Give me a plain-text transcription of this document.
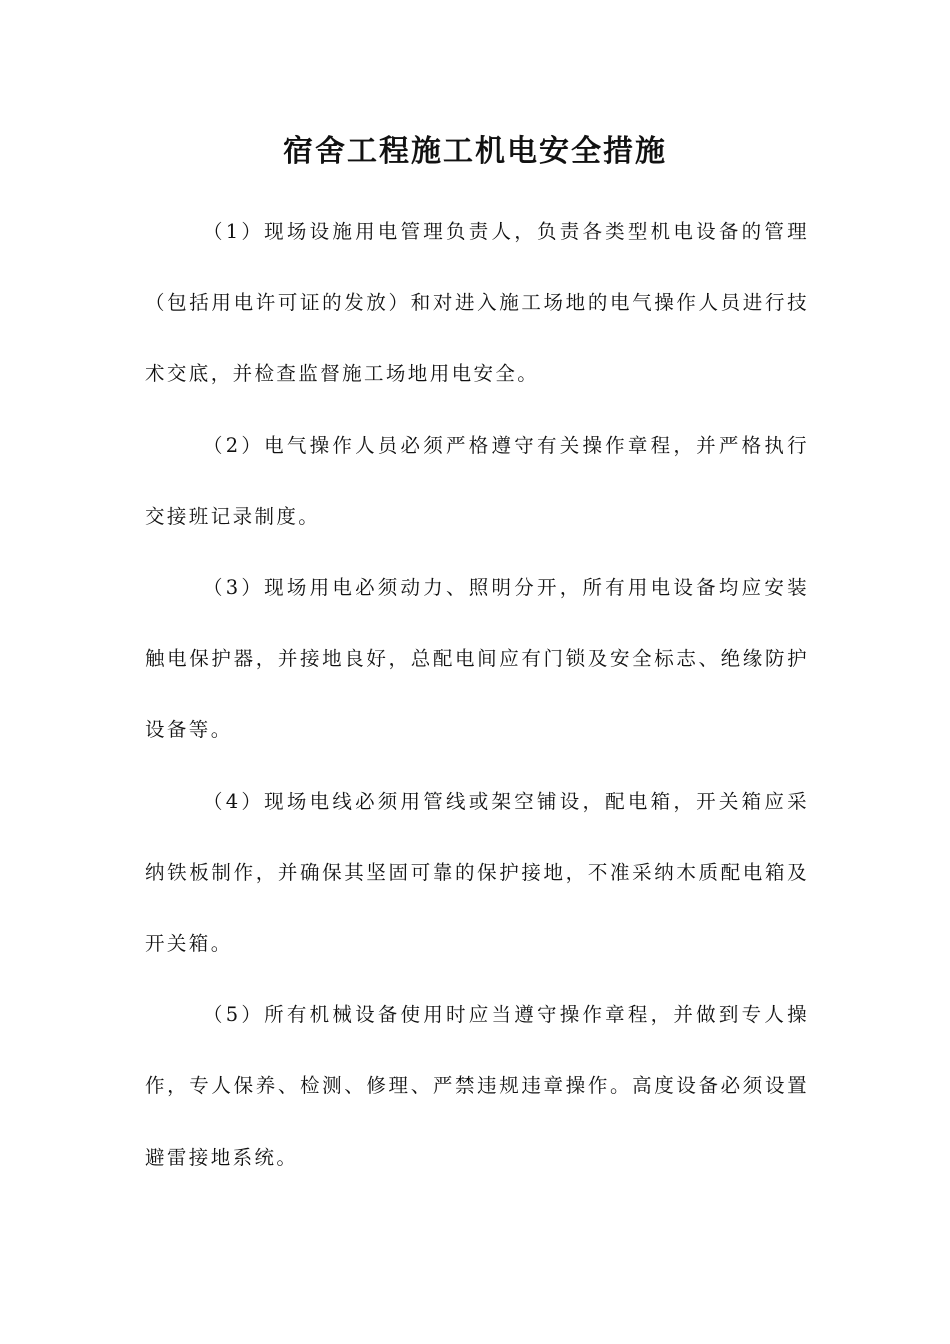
宿舍工程施工机电安全措施

（1）现场设施用电管理负责人，负责各类型机电设备的管理（包括用电许可证的发放）和对进入施工场地的电气操作人员进行技术交底，并检查监督施工场地用电安全。

（2）电气操作人员必须严格遵守有关操作章程，并严格执行交接班记录制度。

（3）现场用电必须动力、照明分开，所有用电设备均应安装触电保护器，并接地良好，总配电间应有门锁及安全标志、绝缘防护设备等。

（4）现场电线必须用管线或架空铺设，配电箱，开关箱应采纳铁板制作，并确保其坚固可靠的保护接地，不准采纳木质配电箱及开关箱。

（5）所有机械设备使用时应当遵守操作章程，并做到专人操作，专人保养、检测、修理、严禁违规违章操作。高度设备必须设置避雷接地系统。
